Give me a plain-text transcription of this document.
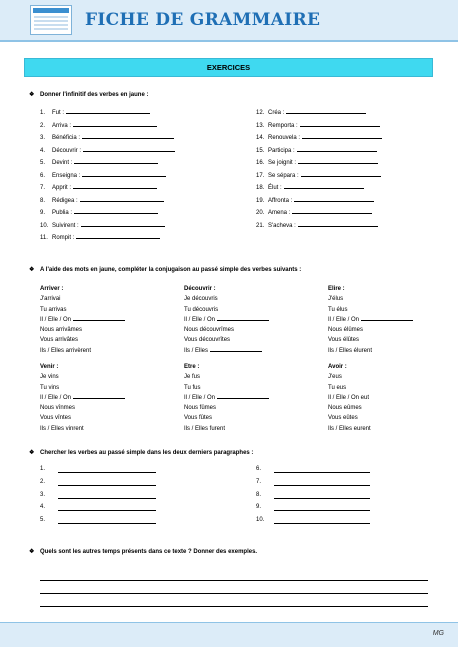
FICHE DE GRAMMAIRE
EXERCICES
❖ Donner l'infinitif des verbes en jaune :
1. Fut :
2. Arriva :
3. Bénéficia :
4. Découvrir :
5. Devint :
6. Enseigna :
7. Apprit :
8. Rédigea :
9. Publia :
10. Suivirent :
11. Rompit :
12. Créa :
13. Remporta :
14. Renouvela :
15. Participa :
16. Se joignit :
17. Se sépara :
18. Élut :
19. Affronta :
20. Amena :
21. S'acheva :
❖ A l'aide des mots en jaune, compléter la conjugaison au passé simple des verbes suivants :
Arriver :
J'arrivai
Tu arrivas
Il / Elle / On
Nous arrivâmes
Vous arrivâtes
Ils / Elles arrivèrent
Découvrir :
Je découvris
Tu découvris
Il / Elle / On
Nous découvrîmes
Vous découvrîtes
Ils / Elles
Elire :
J'élus
Tu élus
Il / Elle / On
Nous élûmes
Vous élûtes
Ils / Elles élurent
Venir :
Je vins
Tu vins
Il / Elle / On
Nous vînmes
Vous vîntes
Ils / Elles vinrent
Etre :
Je fus
Tu fus
Il / Elle / On
Nous fûmes
Vous fûtes
Ils / Elles furent
Avoir :
J'eus
Tu eus
Il / Elle / On eut
Nous eûmes
Vous eûtes
Ils / Elles eurent
❖ Chercher les verbes au passé simple dans les deux derniers paragraphes :
1.
2.
3.
4.
5.
6.
7.
8.
9.
10.
❖ Quels sont les autres temps présents dans ce texte ? Donner des exemples.
MG
